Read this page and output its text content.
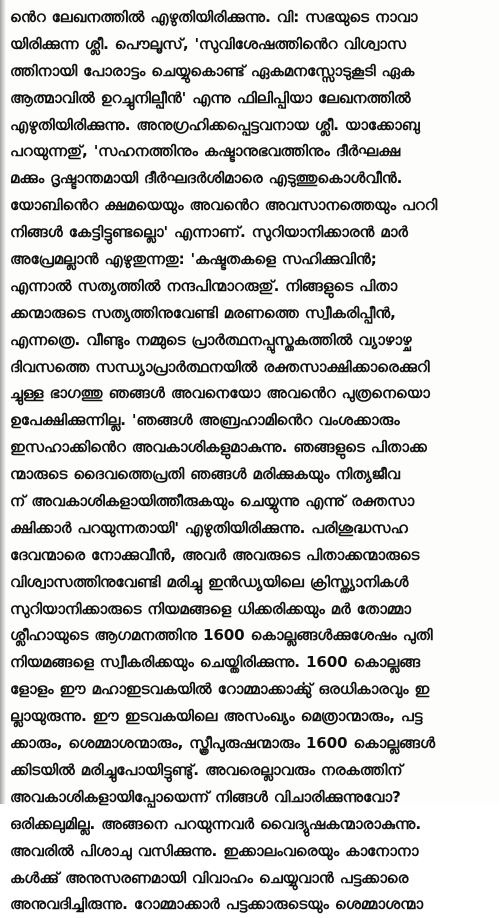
ൻെറ ലേഖനത്തിൽ എഴുതിയിരിക്കുന്നു. വി: സഭയുടെ നാവാ
യിരിക്കുന്ന ശ്ലീ. പൌലൂസ്, 'സുവിശേഷത്തിൻെറ വിശ്വാസ
ത്തിനായി പോരാട്ടം ചെയ്യുകൊണ്ട് ഏകമനസ്സോടുകൂടി ഏക
ആത്മാവിൽ ഉറച്ചുനില്പീൻ' എന്നു ഫിലിപ്പിയാ ലേഖനത്തിൽ
എഴുതിയിരിക്കുന്നു. അനുഗ്രഹിക്കപ്പെട്ടവനായ ശ്ലീ. യാക്കോബു
പറയുന്നതു്, 'സഹനത്തിനും കഷ്ടാനുഭവത്തിനും ദീർഘക്ഷ
മക്കും ദൃഷ്ടാന്തമായി ദീർഘദർശിമാരെ എടുത്തുകൊൾവീൻ.
യോബിൻെറ ക്ഷമയെയും അവൻെറ അവസാനത്തെയും പററി
നിങ്ങൾ കേട്ടിട്ടുണ്ടല്ലൊ' എന്നാണ്. സുറിയാനിക്കാരൻ മാർ
അപ്രേമല്ലാൻ എഴുതുന്നതു: 'കഷ്ടതകളെ സഹിക്കുവിൻ;
എന്നാൽ സത്യത്തിൽ നന്ദപിന്മാറരുതു്. നിങ്ങളുടെ പിതാ
ക്കന്മാരുടെ സത്യത്തിനുവേണ്ടി മരണത്തെ സ്വീകരിപ്പീൻ,
എന്നത്രെ. വീണ്ടും നമ്മുടെ പ്രാർത്ഥനപ്പുസ്തകത്തിൽ വ്യാഴാഴ്ച
ദിവസത്തെ സന്ധ്യാപ്രാർത്ഥനയിൽ രക്തസാക്ഷിക്കാരെക്കുറി
ച്ചുള്ള ഭാഗത്തു ഞങ്ങൾ അവനെയോ അവൻെറ പുത്രനെയൊ
ഉപേക്ഷിക്കുന്നില്ല. 'ഞങ്ങൾ അബ്രഹാമിൻെറ വംശക്കാരും
ഇസഹാക്കിൻെറ അവകാശികളുമാകുന്നു. ഞങ്ങളുടെ പിതാക്ക
ന്മാരുടെ ദൈവത്തെപ്രതി ഞങ്ങൾ മരിക്കുകയും നിത്യജീവ
ന് അവകാശികളായിത്തീരുകയും ചെയ്യുന്നു എന്നു് രക്തസാ
ക്ഷിക്കാർ പറയുന്നതായി' എഴുതിയിരിക്കുന്നു. പരിശുദ്ധസഹ
ദേവന്മാരെ നോക്കുവീൻ, അവർ അവരുടെ പിതാക്കന്മാരുടെ
വിശ്വാസത്തിനുവേണ്ടി മരിച്ചു ഇൻഡ്യയിലെ ക്രിസ്ത്യാനികൾ
സുറിയാനിക്കാരുടെ നിയമങ്ങളെ ധിക്കരിക്കയും മർ തോമ്മാ
ശ്ലീഹായുടെ ആഗമനത്തിനു 1600 കൊല്ലങ്ങൾക്കുശേഷം പുതി
നിയമങ്ങളെ സ്വീകരിക്കയും ചെയ്തിരിക്കുന്നു. 1600 കൊല്ലങ്ങ
ളോളം ഈ മഹാഇടവകയിൽ റോമ്മാക്കാൎക്കു് ഒരധികാരവും ഇ
ല്ലായുരുന്നു. ഈ ഇടവകയിലെ അസംഖ്യം മെത്രാന്മാരും, പട്ട
ക്കാരും, ശെമ്മാശന്മാരും, സ്ത്രീപുരുഷന്മാരും 1600 കൊല്ലങ്ങൾ
ക്കിടയിൽ മരിച്ചുപോയിട്ടുണ്ടു്. അവരെല്ലാവരും നരകത്തിന്
അവകാശികളായിപ്പോയെന്ന് നിങ്ങൾ വിചാരിക്കുന്നുവോ?
ഒരിക്കലുമില്ല. അങ്ങനെ പറയുന്നവർ വൈദ്യുഷകന്മാരാകുന്നു.
അവരിൽ പിശാചു വസിക്കുന്നു. ഇക്കാലംവരെയും കാനോനാ
കൾക്കു് അനുസരണമായി വിവാഹം ചെയ്യുവാൻ പട്ടക്കാരെ
അനുവദിച്ചിരുന്നു. റോമ്മാക്കാർ പട്ടക്കാരുടെയും ശെമ്മാശന്മാ
